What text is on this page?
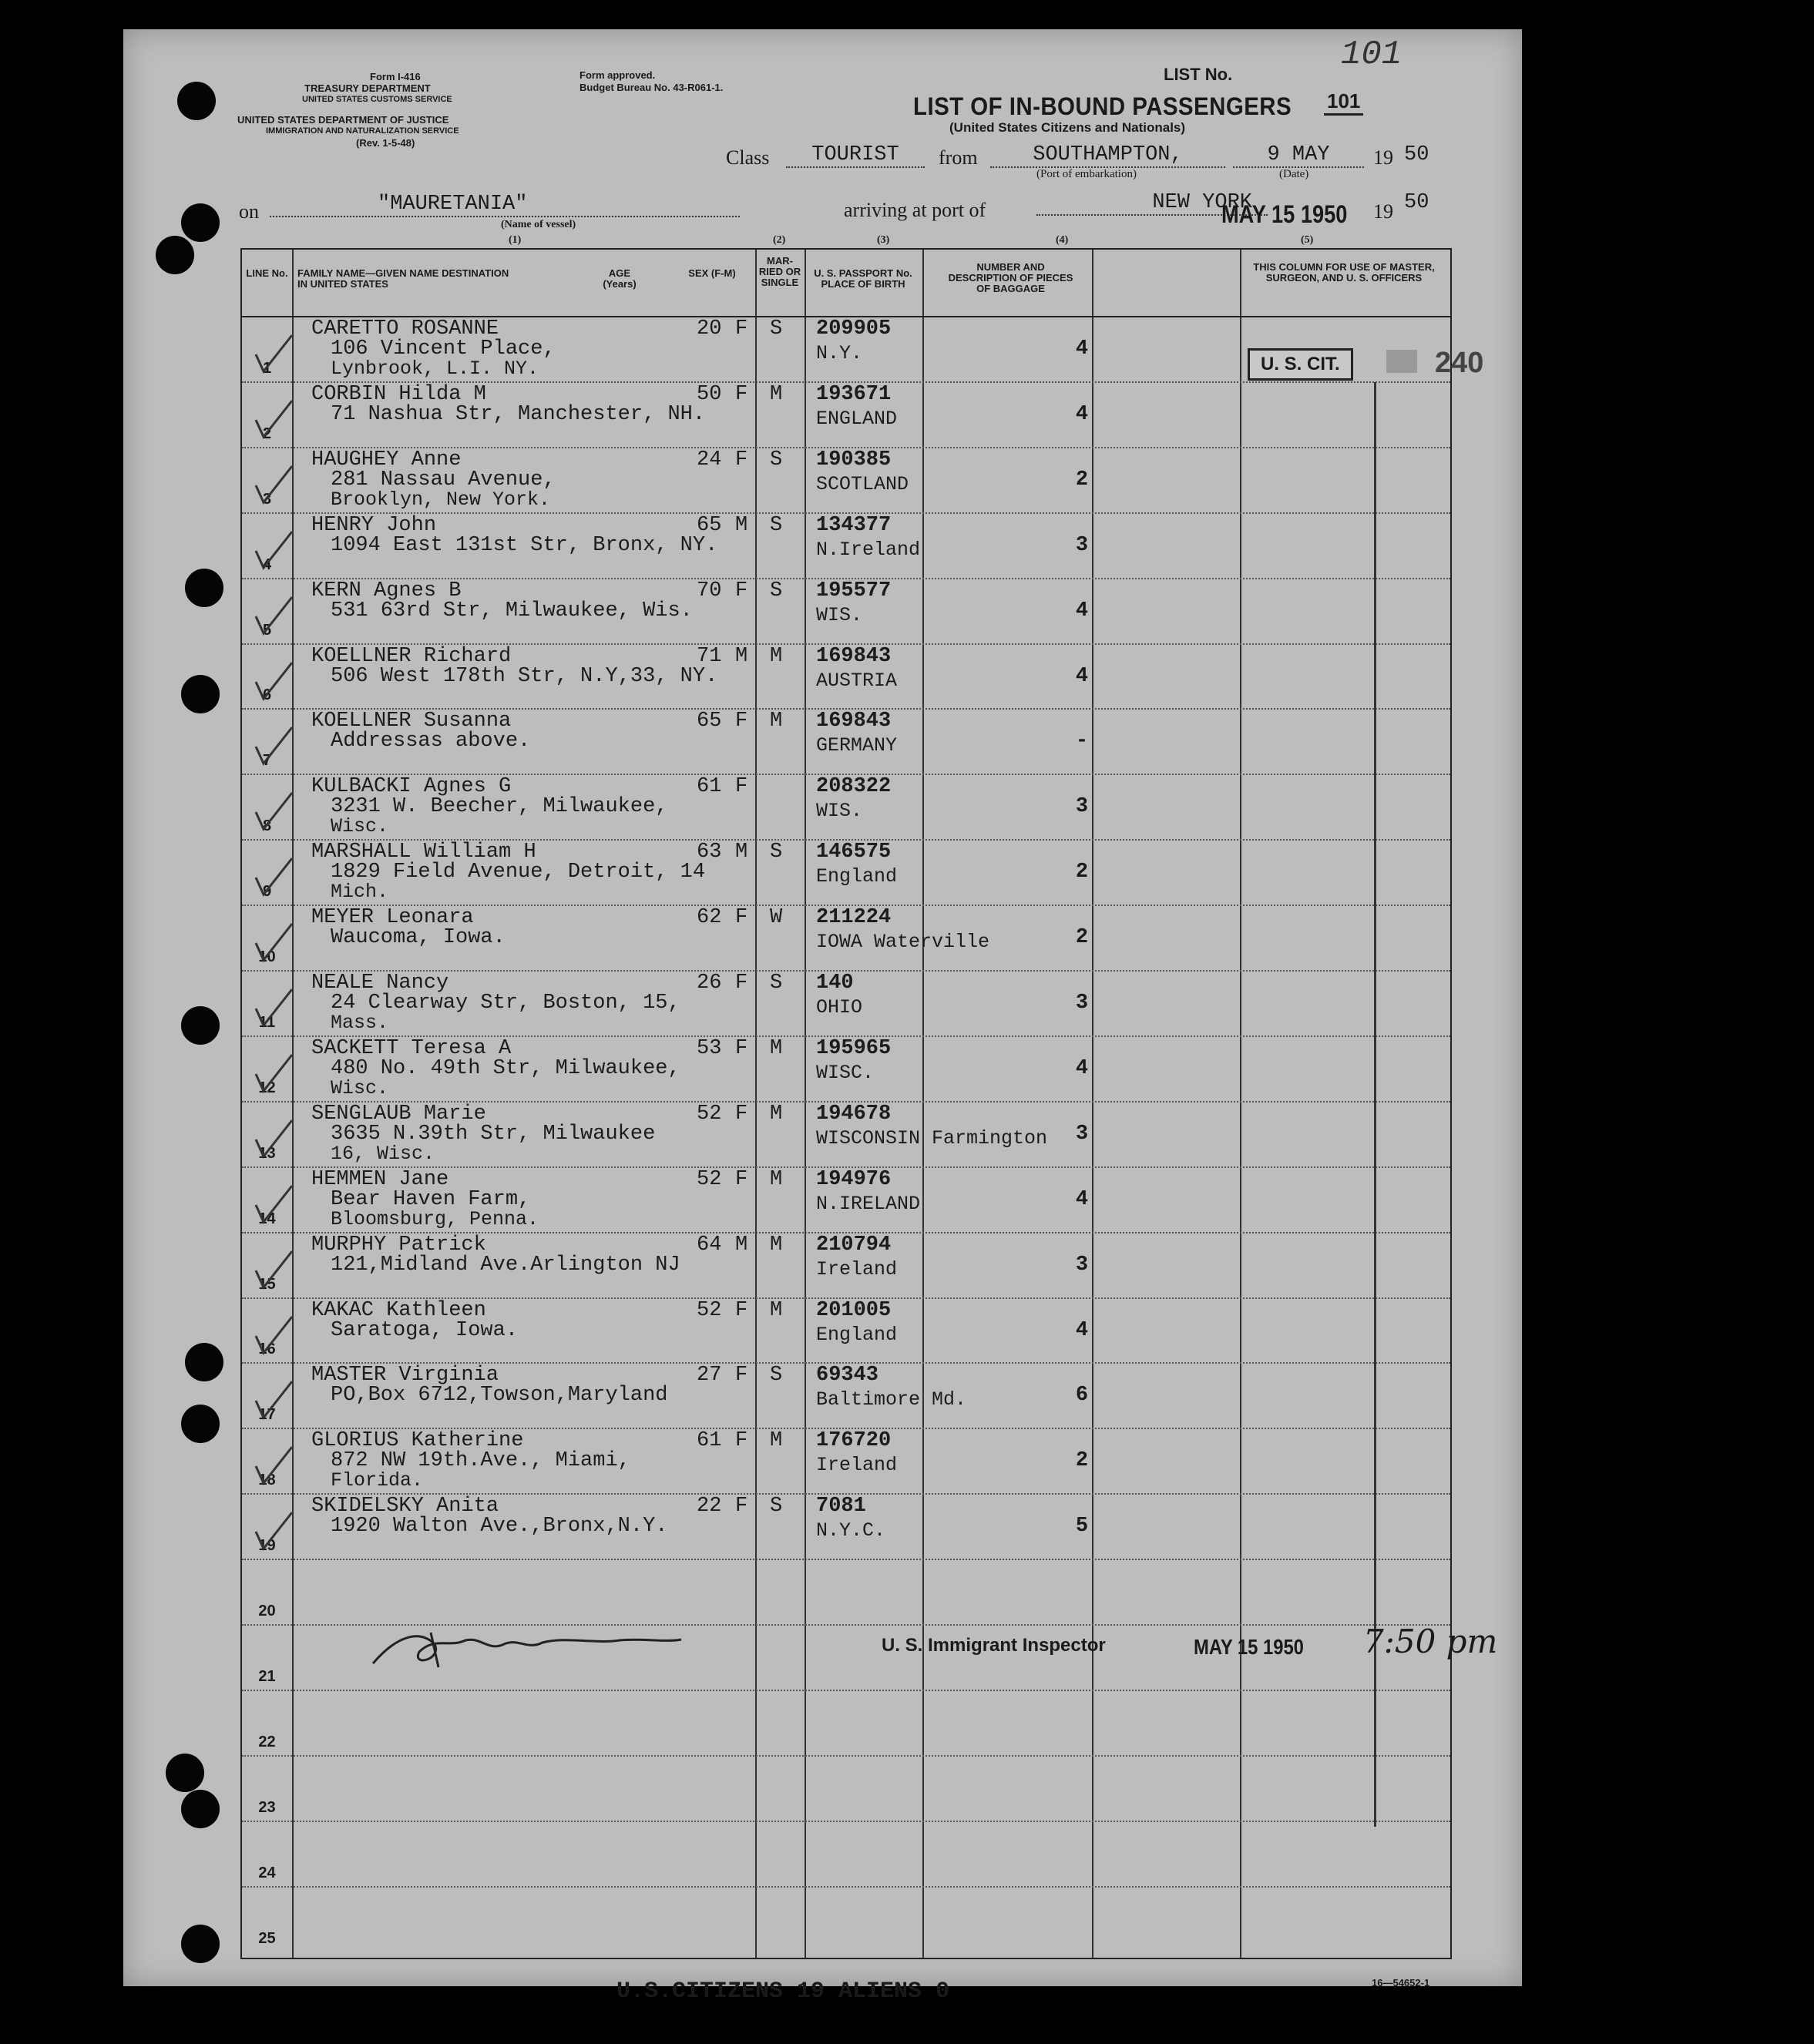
Form I-416
TREASURY DEPARTMENT
UNITED STATES CUSTOMS SERVICE
Form approved.
Budget Bureau No. 43-R061-1.
UNITED STATES DEPARTMENT OF JUSTICE
IMMIGRATION AND NATURALIZATION SERVICE
(Rev. 1-5-48)
LIST No.
101
101
LIST OF IN-BOUND PASSENGERS
(United States Citizens and Nationals)
Class	TOURIST	from	SOUTHAMPTON,
(Port of embarkation)
9 MAY
(Date)
19 50
on	"MAURETANIA"
(Name of vessel)
arriving at port of	NEW YORK
MAY 15 1950 19 50
(1)	(2)	(3)	(4)	(5)
LINE No. FAMILY NAME—GIVEN NAME DESTINATION IN UNITED STATES
AGE (Years)
SEX (F-M)
MAR-RIED OR SINGLE
U. S. PASSPORT No. PLACE OF BIRTH
NUMBER AND DESCRIPTION OF PIECES OF BAGGAGE
THIS COLUMN FOR USE OF MASTER, SURGEON, AND U. S. OFFICERS
1
CARETTO ROSANNE
106 Vincent Place,
Lynbrook, L.I. NY.
20 F S 209905
N.Y.	4
2
CORBIN Hilda M
71 Nashua Str, Manchester, NH.
50 F M 193671
ENGLAND	4
3
HAUGHEY Anne
281 Nassau Avenue,
Brooklyn, New York.
24 F S 190385
SCOTLAND	2
4
HENRY John
1094 East 131st Str, Bronx, NY.
65 M S 134377
N.Ireland	3
5
KERN Agnes B
531 63rd Str, Milwaukee, Wis.
70 F S 195577
WIS.	4
6
KOELLNER Richard
506 West 178th Str, N.Y,33, NY.
71 M M 169843
AUSTRIA	4
7
KOELLNER Susanna
Addressas above.
65 F M 169843
GERMANY	-
8
KULBACKI Agnes G
3231 W. Beecher, Milwaukee,
Wisc.
61 F	208322
WIS.	3
9
MARSHALL William H
1829 Field Avenue, Detroit, 14
Mich.
63 M S 146575
England	2
10
MEYER Leonara
Waucoma, Iowa.
62 F W 211224
IOWA Waterville	2
11
NEALE Nancy
24 Clearway Str, Boston, 15,
Mass.
26 F S 140
OHIO	3
12
SACKETT Teresa A
480 No. 49th Str, Milwaukee,
Wisc.
53 F M 195965
WISC.	4
13
SENGLAUB Marie
3635 N.39th Str, Milwaukee
16, Wisc.
52 F M 194678
WISCONSIN Farmington	3
14
HEMMEN Jane
Bear Haven Farm,
Bloomsburg, Penna.
52 F M 194976
N.IRELAND	4
15
MURPHY Patrick
121,Midland Ave.Arlington NJ
64 M M 210794
Ireland	3
16
KAKAC Kathleen
Saratoga, Iowa.
52 F M 201005
England	4
17
MASTER Virginia
PO,Box 6712,Towson,Maryland
27 F S 69343
Baltimore Md.	6
18
GLORIUS Katherine
872 NW 19th.Ave., Miami,
Florida.
61 F M 176720
Ireland	2
19
SKIDELSKY Anita
1920 Walton Ave.,Bronx,N.Y.
22 F S 7081
N.Y.C.	5
20
21
22
23
24
25
U. S. CIT.	240
U. S. Immigrant Inspector	MAY 15 1950 7:50 pm
U.S.CITIZENS 19 ALIENS 0	16—54652-1
